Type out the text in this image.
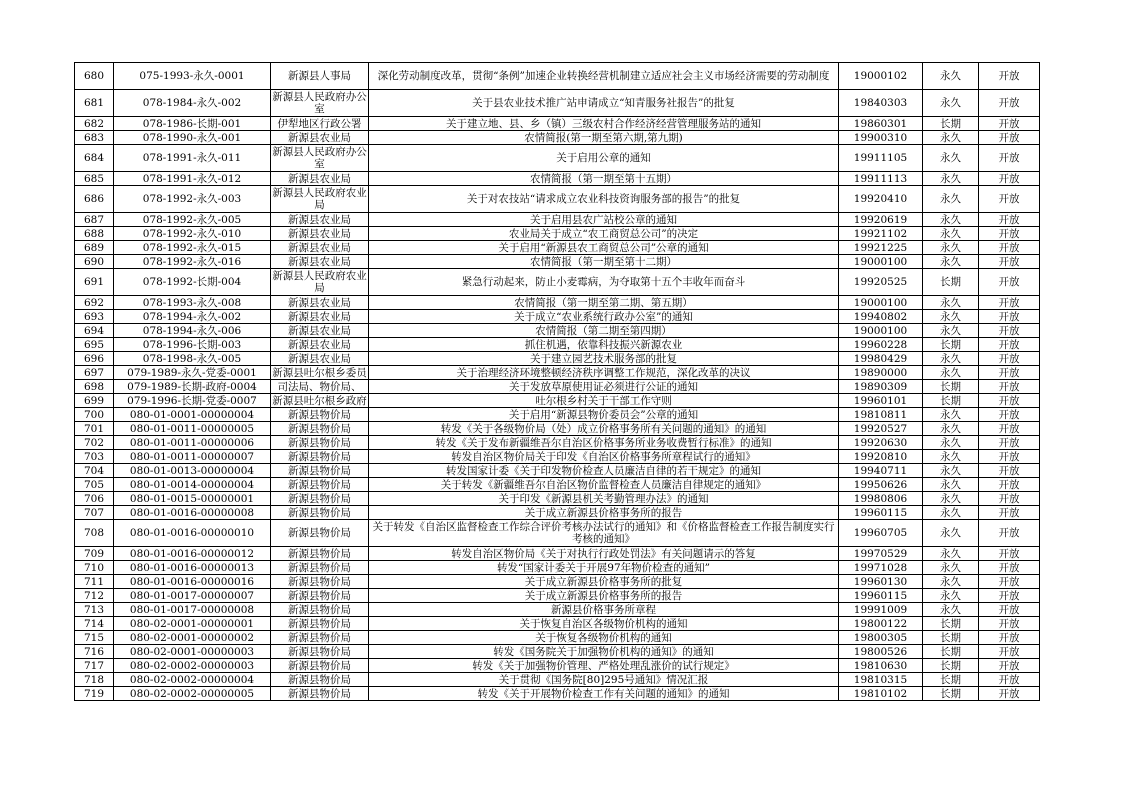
680	075-1993-永久-0001	新源县人事局	深化劳动制度改革，贯彻“条例”加速企业转换经营机制建立适应社会主义市场经济需要的劳动制度	19000102	永久	开放
681	078-1984-永久-002	新源县人民政府办公室	关于县农业技术推广站申请成立“知青服务社报告”的批复	19840303	永久	开放
682	078-1986-长期-001	伊犁地区行政公署	关于建立地、县、乡（镇）三级农村合作经济经营管理服务站的通知	19860301	长期	开放
683	078-1990-永久-001	新源县农业局	农情简报(第一期至第六期,第九期)	19900310	永久	开放
684	078-1991-永久-011	新源县人民政府办公室	关于启用公章的通知	19911105	永久	开放
685	078-1991-永久-012	新源县农业局	农情简报（第一期至第十五期）	19911113	永久	开放
686	078-1992-永久-003	新源县人民政府农业局	关于对农技站“请求成立农业科技资询服务部的报告”的批复	19920410	永久	开放
687	078-1992-永久-005	新源县农业局	关于启用县农广站校公章的通知	19920619	永久	开放
688	078-1992-永久-010	新源县农业局	农业局关于成立“农工商贸总公司”的决定	19921102	永久	开放
689	078-1992-永久-015	新源县农业局	关于启用“新源县农工商贸总公司”公章的通知	19921225	永久	开放
690	078-1992-永久-016	新源县农业局	农情简报（第一期至第十二期）	19000100	永久	开放
691	078-1992-长期-004	新源县人民政府农业局	紧急行动起来，防止小麦霉病，为夺取第十五个丰收年而奋斗	19920525	长期	开放
692	078-1993-永久-008	新源县农业局	农情简报（第一期至第二期、第五期）	19000100	永久	开放
693	078-1994-永久-002	新源县农业局	关于成立“农业系统行政办公室”的通知	19940802	永久	开放
694	078-1994-永久-006	新源县农业局	农情简报（第二期至第四期）	19000100	永久	开放
695	078-1996-长期-003	新源县农业局	抓住机遇，依靠科技振兴新源农业	19960228	长期	开放
696	078-1998-永久-005	新源县农业局	关于建立园艺技术服务部的批复	19980429	永久	开放
697	079-1989-永久-党委-0001	新源县吐尔根乡委员	关于治理经济环境整顿经济秩序调整工作规范，深化改革的决议	19890000	永久	开放
698	079-1989-长期-政府-0004	司法局、物价局、	关于发放草原使用证必须进行公证的通知	19890309	长期	开放
699	079-1996-长期-党委-0007	新源县吐尔根乡政府	吐尔根乡村关于干部工作守则	19960101	长期	开放
700	080-01-0001-00000004	新源县物价局	关于启用“新源县物价委员会”公章的通知	19810811	永久	开放
701	080-01-0011-00000005	新源县物价局	转发《关于各级物价局（处）成立价格事务所有关问题的通知》的通知	19920527	永久	开放
702	080-01-0011-00000006	新源县物价局	转发《关于发布新疆维吾尔自治区价格事务所业务收费暂行标准》的通知	19920630	永久	开放
703	080-01-0011-00000007	新源县物价局	转发自治区物价局关于印发《自治区价格事务所章程试行的通知》	19920810	永久	开放
704	080-01-0013-00000004	新源县物价局	转发国家计委《关于印发物价检查人员廉洁自律的若干规定》的通知	19940711	永久	开放
705	080-01-0014-00000004	新源县物价局	关于转发《新疆维吾尔自治区物价监督检查人员廉洁自律规定的通知》	19950626	永久	开放
706	080-01-0015-00000001	新源县物价局	关于印发《新源县机关考勤管理办法》的通知	19980806	永久	开放
707	080-01-0016-00000008	新源县物价局	关于成立新源县价格事务所的报告	19960115	永久	开放
708	080-01-0016-00000010	新源县物价局	关于转发《自治区监督检查工作综合评价考核办法试行的通知》和《价格监督检查工作报告制度实行考核的通知》	19960705	永久	开放
709	080-01-0016-00000012	新源县物价局	转发自治区物价局《关于对执行行政处罚法》有关问题请示的答复	19970529	永久	开放
710	080-01-0016-00000013	新源县物价局	转发“国家计委关于开展97年物价检查的通知”	19971028	永久	开放
711	080-01-0016-00000016	新源县物价局	关于成立新源县价格事务所的批复	19960130	永久	开放
712	080-01-0017-00000007	新源县物价局	关于成立新源县价格事务所的报告	19960115	永久	开放
713	080-01-0017-00000008	新源县物价局	新源县价格事务所章程	19991009	永久	开放
714	080-02-0001-00000001	新源县物价局	关于恢复自治区各级物价机构的通知	19800122	长期	开放
715	080-02-0001-00000002	新源县物价局	关于恢复各级物价机构的通知	19800305	长期	开放
716	080-02-0001-00000003	新源县物价局	转发《国务院关于加强物价机构的通知》的通知	19800526	长期	开放
717	080-02-0002-00000003	新源县物价局	转发《关于加强物价管理、严格处理乱涨价的试行规定》	19810630	长期	开放
718	080-02-0002-00000004	新源县物价局	关于贯彻《国务院[80]295号通知》情况汇报	19810315	长期	开放
719	080-02-0002-00000005	新源县物价局	转发《关于开展物价检查工作有关问题的通知》的通知	19810102	长期	开放
